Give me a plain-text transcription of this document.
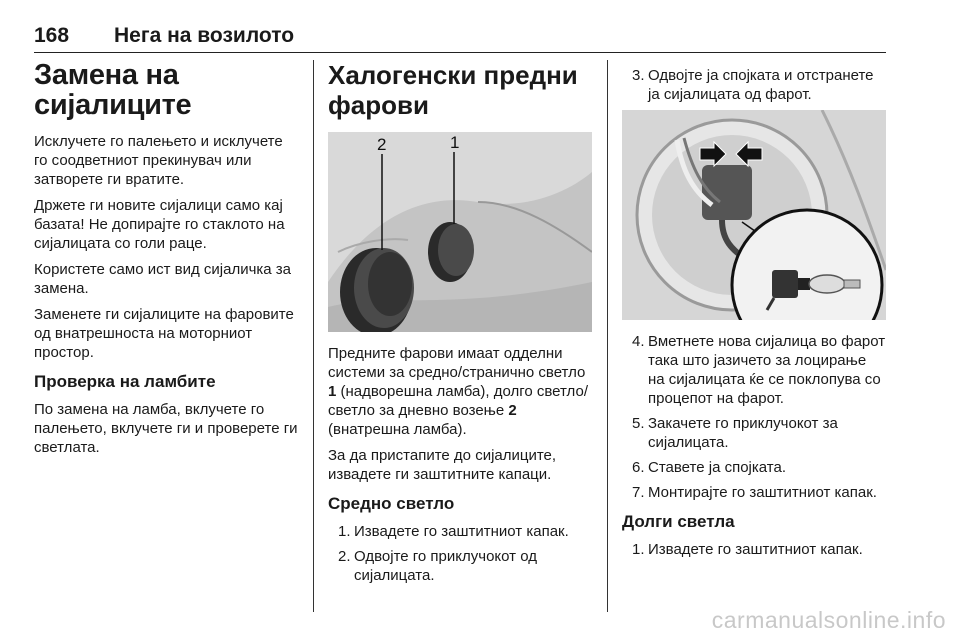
168 Нега на возилото
Замена на сијалиците

Исклучете го палењето и исклучете го соодветниот прекинувач или затворете ги вратите.

Држете ги новите сијалици само кај базата! Не допирајте го стаклото на сијалицата со голи раце.

Користете само ист вид сијаличка за замена.

Заменете ги сијалиците на фаровите од внатрешноста на моторниот простор.

Проверка на ламбите

По замена на ламба, вклучете го палењето, вклучете ги и проверете ги светлата.

Халогенски предни фарови
2	1

Предните фарови имаат одделни системи за средно/странично светло 1 (надворешна ламба), долго светло/светло за дневно возење 2 (внатрешна ламба).

За да пристапите до сијалиците, извадете ги заштитните капаци.

Средно светло
1. Извадете го заштитниот капак.
2. Одвојте го приклучокот од сијалицата.
3. Одвојте ја спојката и отстранете ја сијалицата од фарот.
4. Вметнете нова сијалица во фарот така што јазичето за лоцирање на сијалицата ќе се поклопува со процепот на фарот.
5. Закачете го приклучокот за сијалицата.
6. Ставете ја спојката.
7. Монтирајте го заштитниот капак.
Долги светла
1. Извадете го заштитниот капак.
carmanualsonline.info
